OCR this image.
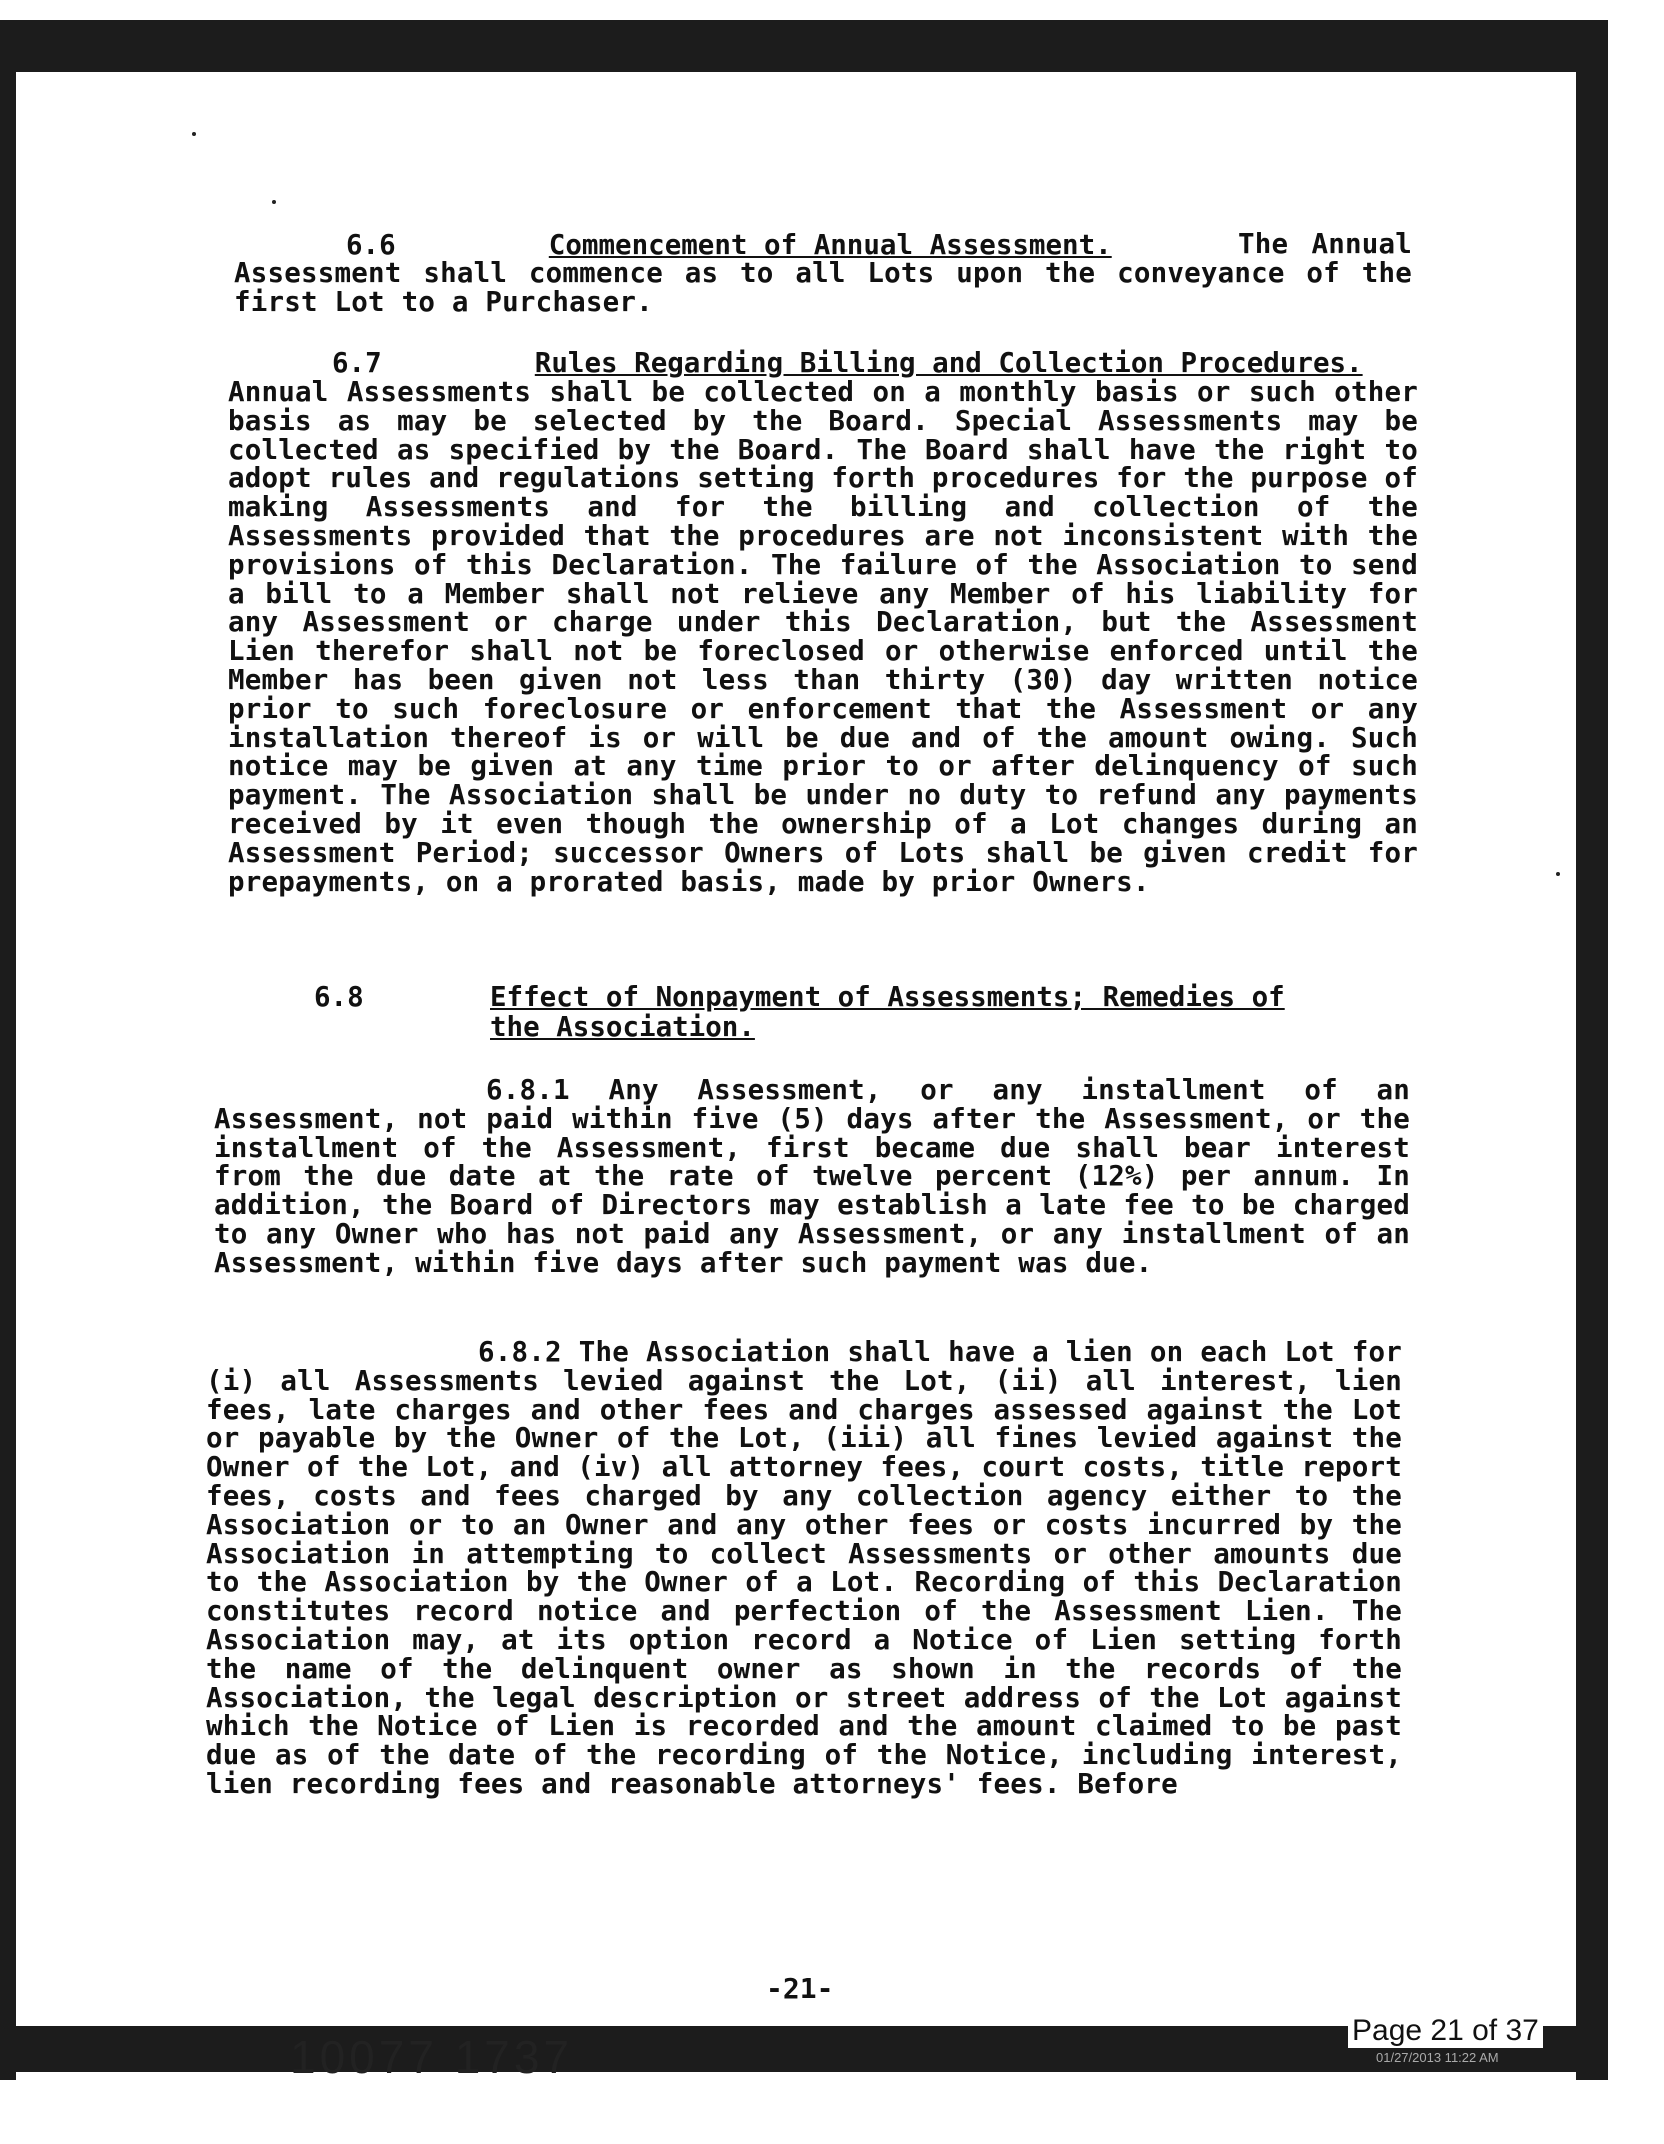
6.6	Commencement of Annual Assessment.	The Annual Assessment shall commence as to all Lots upon the conveyance of the first Lot to a Purchaser.
6.7	Rules Regarding Billing and Collection Procedures.
Annual Assessments shall be collected on a monthly basis or such other basis as may be selected by the Board. Special Assessments may be collected as specified by the Board. The Board shall have the right to adopt rules and regulations setting forth procedures for the purpose of making Assessments and for the billing and collection of the Assessments provided that the procedures are not inconsistent with the provisions of this Declaration. The failure of the Association to send a bill to a Member shall not relieve any Member of his liability for any Assessment or charge under this Declaration, but the Assessment Lien therefor shall not be foreclosed or otherwise enforced until the Member has been given not less than thirty (30) day written notice prior to such foreclosure or enforcement that the Assessment or any installation thereof is or will be due and of the amount owing. Such notice may be given at any time prior to or after delinquency of such payment. The Association shall be under no duty to refund any payments received by it even though the ownership of a Lot changes during an Assessment Period; successor Owners of Lots shall be given credit for prepayments, on a prorated basis, made by prior Owners.
6.8	Effect of Nonpayment of Assessments; Remedies of
the Association.
6.8.1 Any Assessment, or any installment of an Assessment, not paid within five (5) days after the Assessment, or the installment of the Assessment, first became due shall bear interest from the due date at the rate of twelve percent (12%) per annum. In addition, the Board of Directors may establish a late fee to be charged to any Owner who has not paid any Assessment, or any installment of an Assessment, within five days after such payment was due.
6.8.2 The Association shall have a lien on each Lot for (i) all Assessments levied against the Lot, (ii) all interest, lien fees, late charges and other fees and charges assessed against the Lot or payable by the Owner of the Lot, (iii) all fines levied against the Owner of the Lot, and (iv) all attorney fees, court costs, title report fees, costs and fees charged by any collection agency either to the Association or to an Owner and any other fees or costs incurred by the Association in attempting to collect Assessments or other amounts due to the Association by the Owner of a Lot. Recording of this Declaration constitutes record notice and perfection of the Assessment Lien. The Association may, at its option record a Notice of Lien setting forth the name of the delinquent owner as shown in the records of the Association, the legal description or street address of the Lot against which the Notice of Lien is recorded and the amount claimed to be past due as of the date of the recording of the Notice, including interest, lien recording fees and reasonable attorneys' fees. Before
-21-
10077 1737
Page 21 of 37
01/27/2013 11:22 AM
